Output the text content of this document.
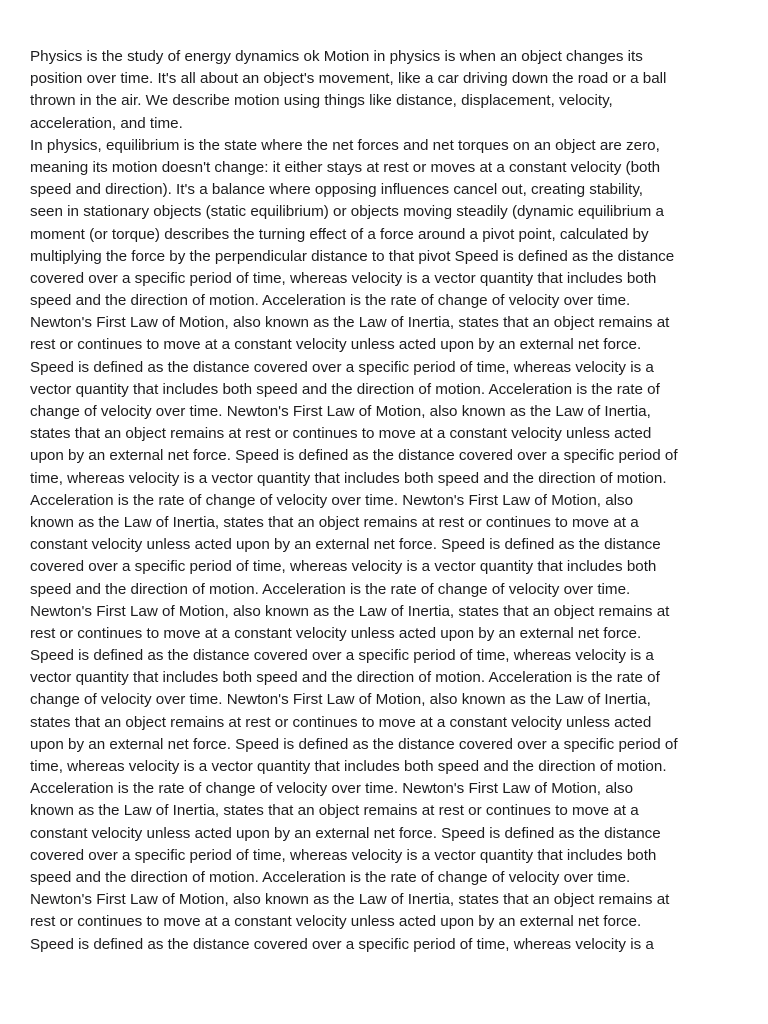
Physics is the study of energy dynamics ok Motion in physics is when an object changes its
position over time. It's all about an object's movement, like a car driving down the road or a ball
thrown in the air. We describe motion using things like distance, displacement, velocity,
acceleration, and time.
In physics, equilibrium is the state where the net forces and net torques on an object are zero,
meaning its motion doesn't change: it either stays at rest or moves at a constant velocity (both
speed and direction). It's a balance where opposing influences cancel out, creating stability,
seen in stationary objects (static equilibrium) or objects moving steadily (dynamic equilibrium a
moment (or torque) describes the turning effect of a force around a pivot point, calculated by
multiplying the force by the perpendicular distance to that pivot Speed is defined as the distance
covered over a specific period of time, whereas velocity is a vector quantity that includes both
speed and the direction of motion. Acceleration is the rate of change of velocity over time.
Newton's First Law of Motion, also known as the Law of Inertia, states that an object remains at
rest or continues to move at a constant velocity unless acted upon by an external net force.
Speed is defined as the distance covered over a specific period of time, whereas velocity is a
vector quantity that includes both speed and the direction of motion. Acceleration is the rate of
change of velocity over time. Newton's First Law of Motion, also known as the Law of Inertia,
states that an object remains at rest or continues to move at a constant velocity unless acted
upon by an external net force. Speed is defined as the distance covered over a specific period of
time, whereas velocity is a vector quantity that includes both speed and the direction of motion.
Acceleration is the rate of change of velocity over time. Newton's First Law of Motion, also
known as the Law of Inertia, states that an object remains at rest or continues to move at a
constant velocity unless acted upon by an external net force. Speed is defined as the distance
covered over a specific period of time, whereas velocity is a vector quantity that includes both
speed and the direction of motion. Acceleration is the rate of change of velocity over time.
Newton's First Law of Motion, also known as the Law of Inertia, states that an object remains at
rest or continues to move at a constant velocity unless acted upon by an external net force.
Speed is defined as the distance covered over a specific period of time, whereas velocity is a
vector quantity that includes both speed and the direction of motion. Acceleration is the rate of
change of velocity over time. Newton's First Law of Motion, also known as the Law of Inertia,
states that an object remains at rest or continues to move at a constant velocity unless acted
upon by an external net force. Speed is defined as the distance covered over a specific period of
time, whereas velocity is a vector quantity that includes both speed and the direction of motion.
Acceleration is the rate of change of velocity over time. Newton's First Law of Motion, also
known as the Law of Inertia, states that an object remains at rest or continues to move at a
constant velocity unless acted upon by an external net force. Speed is defined as the distance
covered over a specific period of time, whereas velocity is a vector quantity that includes both
speed and the direction of motion. Acceleration is the rate of change of velocity over time.
Newton's First Law of Motion, also known as the Law of Inertia, states that an object remains at
rest or continues to move at a constant velocity unless acted upon by an external net force.
Speed is defined as the distance covered over a specific period of time, whereas velocity is a
